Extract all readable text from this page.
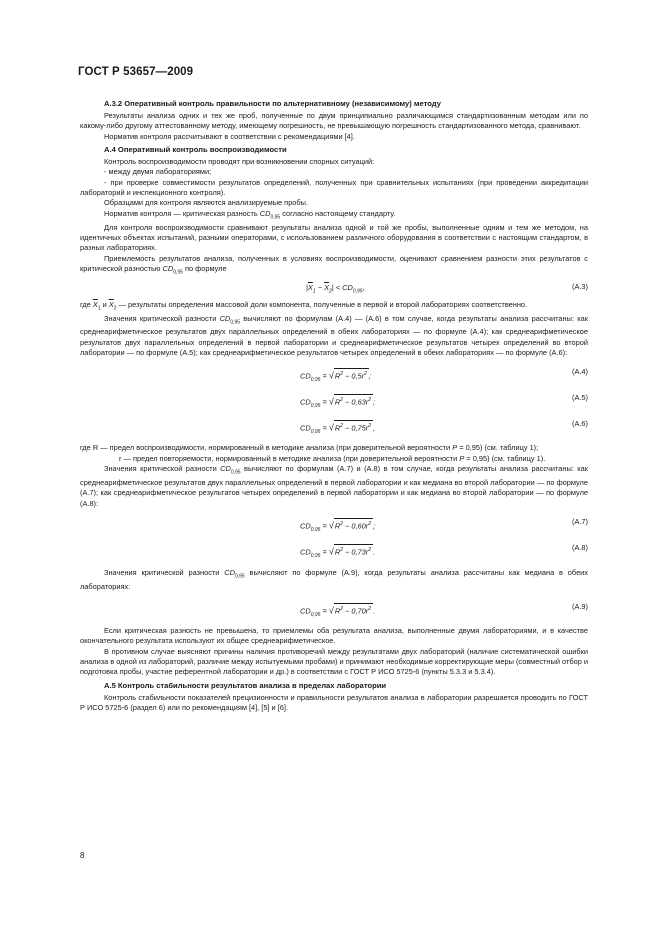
ГОСТ Р 53657—2009
А.3.2 Оперативный контроль правильности по альтернативному (независимому) методу

Результаты анализа одних и тех же проб, полученные по двум принципиально различающимся стандартизованным методам или по какому-либо другому аттестованному методу, имеющему погрешность, не превышающую погрешность стандартизованного метода, сравнивают.

Норматив контроля рассчитывают в соответствии с рекомендациями [4].

А.4 Оперативный контроль воспроизводимости

Контроль воспроизводимости проводят при возникновении спорных ситуаций:

- между двумя лабораториями;

- при проверке совместимости результатов определений, полученных при сравнительных испытаниях (при проведении аккредитации лабораторий и инспекционного контроля).

Образцами для контроля являются анализируемые пробы.

Норматив контроля — критическая разность $CD_{0,95}$ согласно настоящему стандарту.

Для контроля воспроизводимости сравнивают результаты анализа одной и той же пробы, выполненные одним и тем же методом, на идентичных объектах испытаний, разными операторами, с использованием различного оборудования в соответствии с настоящим стандартом, в разных лабораториях.

Приемлемость результатов анализа, полученных в условиях воспроизводимости, оценивают сравнением разности этих результатов с критической разностью $CD_{0,95}$ по формуле

$|\overline{X}_1 - \overline{X}_2| < CD_{0,95}$,	(А.3)

где $\overline{X}_1$ и $\overline{X}_2$ — результаты определения массовой доли компонента, полученные в первой и второй лабораториях соответственно.

Значения критической разности $CD_{0,95}$ вычисляют по формулам (А.4) — (А.6) в том случае, когда результаты анализа рассчитаны: как среднеарифметическое результатов двух параллельных определений в обеих лабораториях — по формуле (А.4); как среднеарифметическое результатов двух параллельных определений в первой лаборатории и среднеарифметическое результатов четырех определений во второй лаборатории — по формуле (А.5); как среднеарифметическое результатов четырех определений в обеих лабораториях — по формуле (А.6):

$CD_{0,95} = √R^2 - 0,5r^2$ ;	(А.4)
$CD_{0,95} = √R^2 - 0,63r^2$ ;	(А.5)
$CD_{0,95} = √R^2 - 0,75r^2$ ,	(А.6)

где R — предел воспроизводимости, нормированный в методике анализа (при доверительной вероятности P = 0,95) (см. таблицу 1);

r — предел повторяемости, нормированный в методике анализа (при доверительной вероятности P = 0,95) (см. таблицу 1).

Значения критической разности $CD_{0,95}$ вычисляют по формулам (А.7) и (А.8) в том случае, когда результаты анализа рассчитаны: как среднеарифметическое результатов двух параллельных определений в первой лаборатории и как медиана во второй лаборатории — по формуле (А.7); как среднеарифметическое результатов четырех определений в первой лаборатории и как медиана во второй лаборатории — по формуле (А.8):

$CD_{0,95} = √R^2 - 0,60r^2$ ;	(А.7)
$CD_{0,95} = √R^2 - 0,73r^2$ .	(А.8)

Значения критической разности $CD_{0,95}$ вычисляют по формуле (А.9), когда результаты анализа рассчитаны как медиана в обеих лабораториях:

$CD_{0,95} = √R^2 - 0,70r^2$ .	(А.9)

Если критическая разность не превышена, то приемлемы оба результата анализа, выполненные двумя лабораториями, и в качестве окончательного результата используют их общее среднеарифметическое.

В противном случае выясняют причины наличия противоречий между результатами двух лабораторий (наличие систематической ошибки анализа в одной из лабораторий, различие между испытуемыми пробами) и принимают необходимые корректирующие меры (совместный отбор и подготовка пробы, участие референтной лаборатории и др.) в соответствии с ГОСТ Р ИСО 5725-6 (пункты 5.3.3 и 5.3.4).

А.5 Контроль стабильности результатов анализа в пределах лаборатории

Контроль стабильности показателей прецизионности и правильности результатов анализа в лаборатории разрешается проводить по ГОСТ Р ИСО 5725-6 (раздел 6) или по рекомендациям [4], [5] и [6].

8
